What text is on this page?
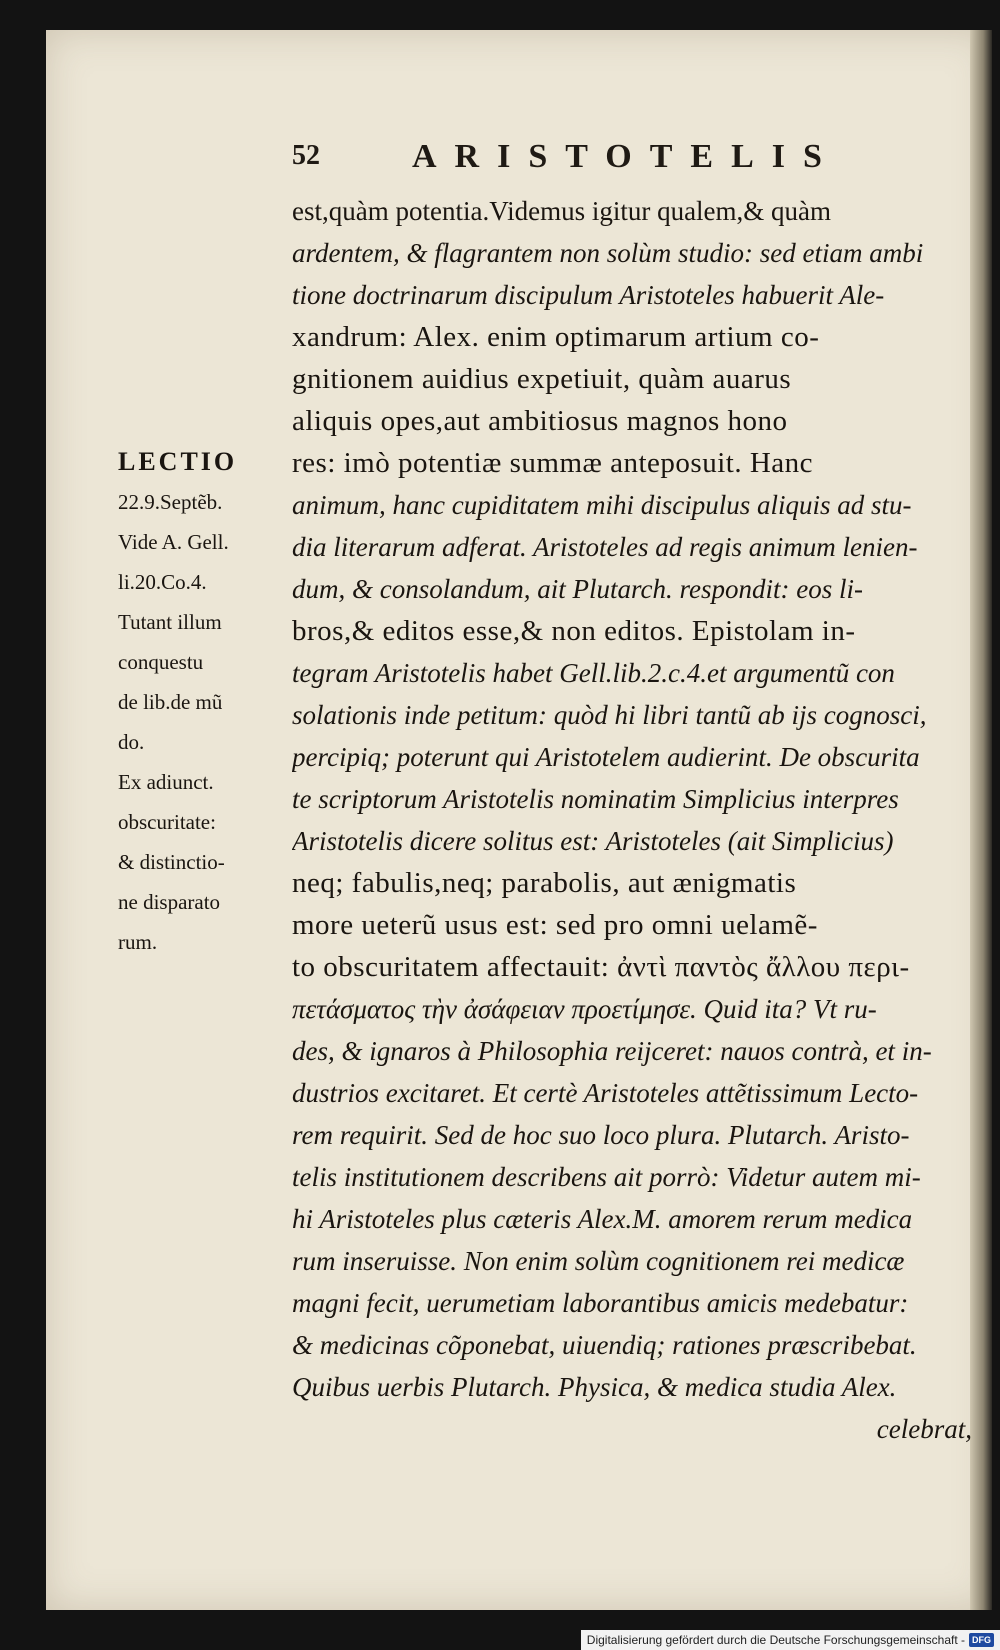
52	ARISTOTELIS
est,quàm potentia.Videmus igitur qualem,& quàm
ardentem, & flagrantem non solùm studio: sed etiam ambi
tione doctrinarum discipulum Aristoteles habuerit Ale-
xandrum: Alex. enim optimarum artium co-
gnitionem auidius expetiuit, quàm auarus
aliquis opes,aut ambitiosus magnos hono
res: imò potentiæ summæ anteposuit. Hanc
animum, hanc cupiditatem mihi discipulus aliquis ad stu-
dia literarum adferat. Aristoteles ad regis animum lenien-
dum, & consolandum, ait Plutarch. respondit: eos li-
bros,& editos esse,& non editos. Epistolam in-
tegram Aristotelis habet Gell.lib.2.c.4.et argumentũ con
solationis inde petitum: quòd hi libri tantũ ab ijs cognosci,
percipiq; poterunt qui Aristotelem audierint. De obscurita
te scriptorum Aristotelis nominatim Simplicius interpres
Aristotelis dicere solitus est: Aristoteles (ait Simplicius)
neq; fabulis,neq; parabolis, aut ænigmatis
more ueterũ usus est: sed pro omni uelamẽ-
to obscuritatem affectauit: ἀντὶ παντὸς ἄλλου περι-
πετάσματος τὴν ἀσάφειαν προετίμησε. Quid ita? Vt ru-
des, & ignaros à Philosophia reijceret: nauos contrà, et in-
dustrios excitaret. Et certè Aristoteles attẽtissimum Lecto-
rem requirit. Sed de hoc suo loco plura. Plutarch. Aristo-
telis institutionem describens ait porrò: Videtur autem mi-
hi Aristoteles plus cæteris Alex.M. amorem rerum medica
rum inseruisse. Non enim solùm cognitionem rei medicæ
magni fecit, uerumetiam laborantibus amicis medebatur:
& medicinas cõponebat, uiuendiq; rationes præscribebat.
Quibus uerbis Plutarch. Physica, & medica studia Alex.
celebrat,
LECTIO
22.9.Septẽb.
Vide A. Gell.
li.20.Co.4.
Tutant illum
conquestu
de lib.de mũ
do.
Ex adiunct.
obscuritate:
& distinctio-
ne disparato
rum.
Digitalisierung gefördert durch die Deutsche Forschungsgemeinschaft - DFG
